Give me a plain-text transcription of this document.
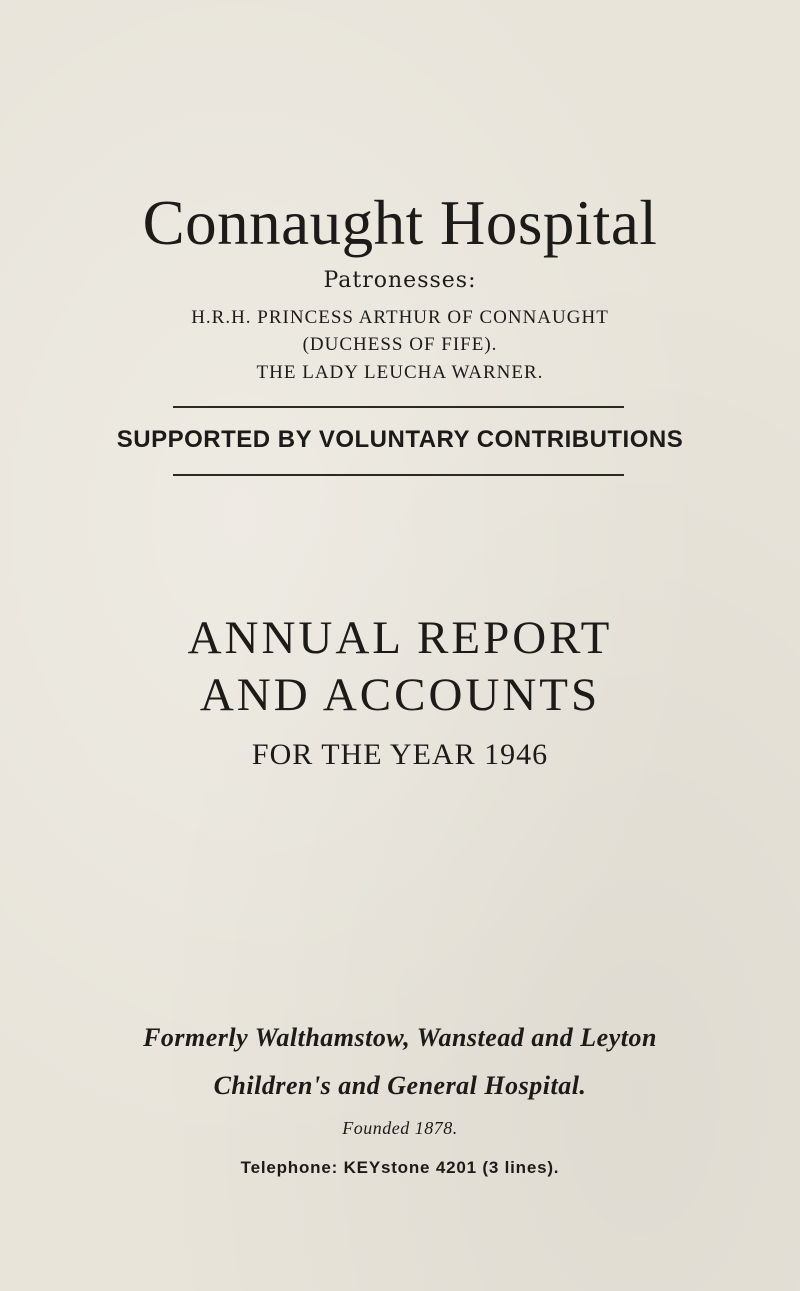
Connaught Hospital
Patronesses:
H.R.H. PRINCESS ARTHUR OF CONNAUGHT
(DUCHESS OF FIFE).
THE LADY LEUCHA WARNER.
SUPPORTED BY VOLUNTARY CONTRIBUTIONS
ANNUAL REPORT
AND ACCOUNTS
FOR THE YEAR 1946
Formerly Walthamstow, Wanstead and Leyton
Children's and General Hospital.
Founded 1878.
Telephone: KEYstone 4201 (3 lines).
